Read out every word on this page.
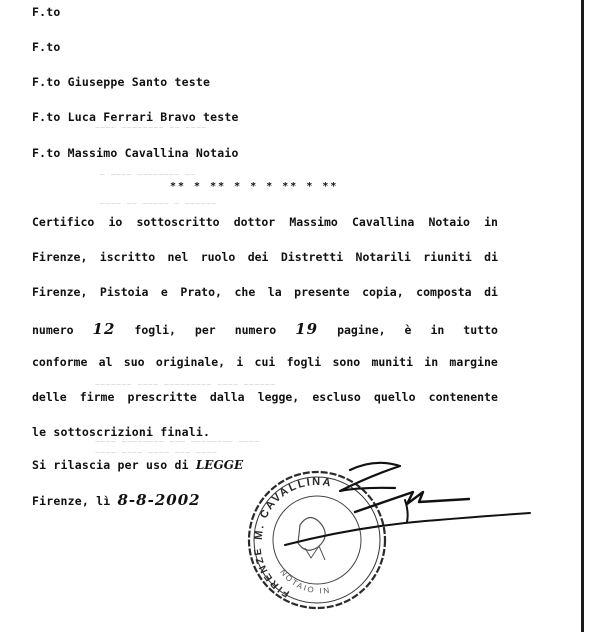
~~~~ ~~~~~~~~ ~~ ~~~~
~ ~~~~ ~~~~~~~~ ~~
~~~~ ~~ ~~~~~ ~ ~~~~~~
~~~~~~~ ~~~~ ~~~~~~~~~ ~~~~ ~~~~~~
~~~~ ~~~~~~~~ ~~~ ~~~~~~~~ ~~~~
~~~~ ~~~~ ~~~~ ~~~ ~~~~
F.to
F.to
F.to Giuseppe Santo teste
F.to Luca Ferrari Bravo teste
F.to Massimo Cavallina Notaio
** * ** * * * ** * **
Certifico io sottoscritto dottor Massimo Cavallina Notaio in
Firenze, iscritto nel ruolo dei Distretti Notarili riuniti di
Firenze, Pistoia e Prato, che la presente copia, composta di
numero 12 fogli, per numero 19 pagine, è in tutto
conforme al suo originale, i cui fogli sono muniti in margine
delle firme prescritte dalla legge, escluso quello contenente
le sottoscrizioni finali.
Si rilascia per uso di LEGGE
Firenze, lì 8-8-2002
M. CAVALLINA
FIRENZE
NOTAIO IN
